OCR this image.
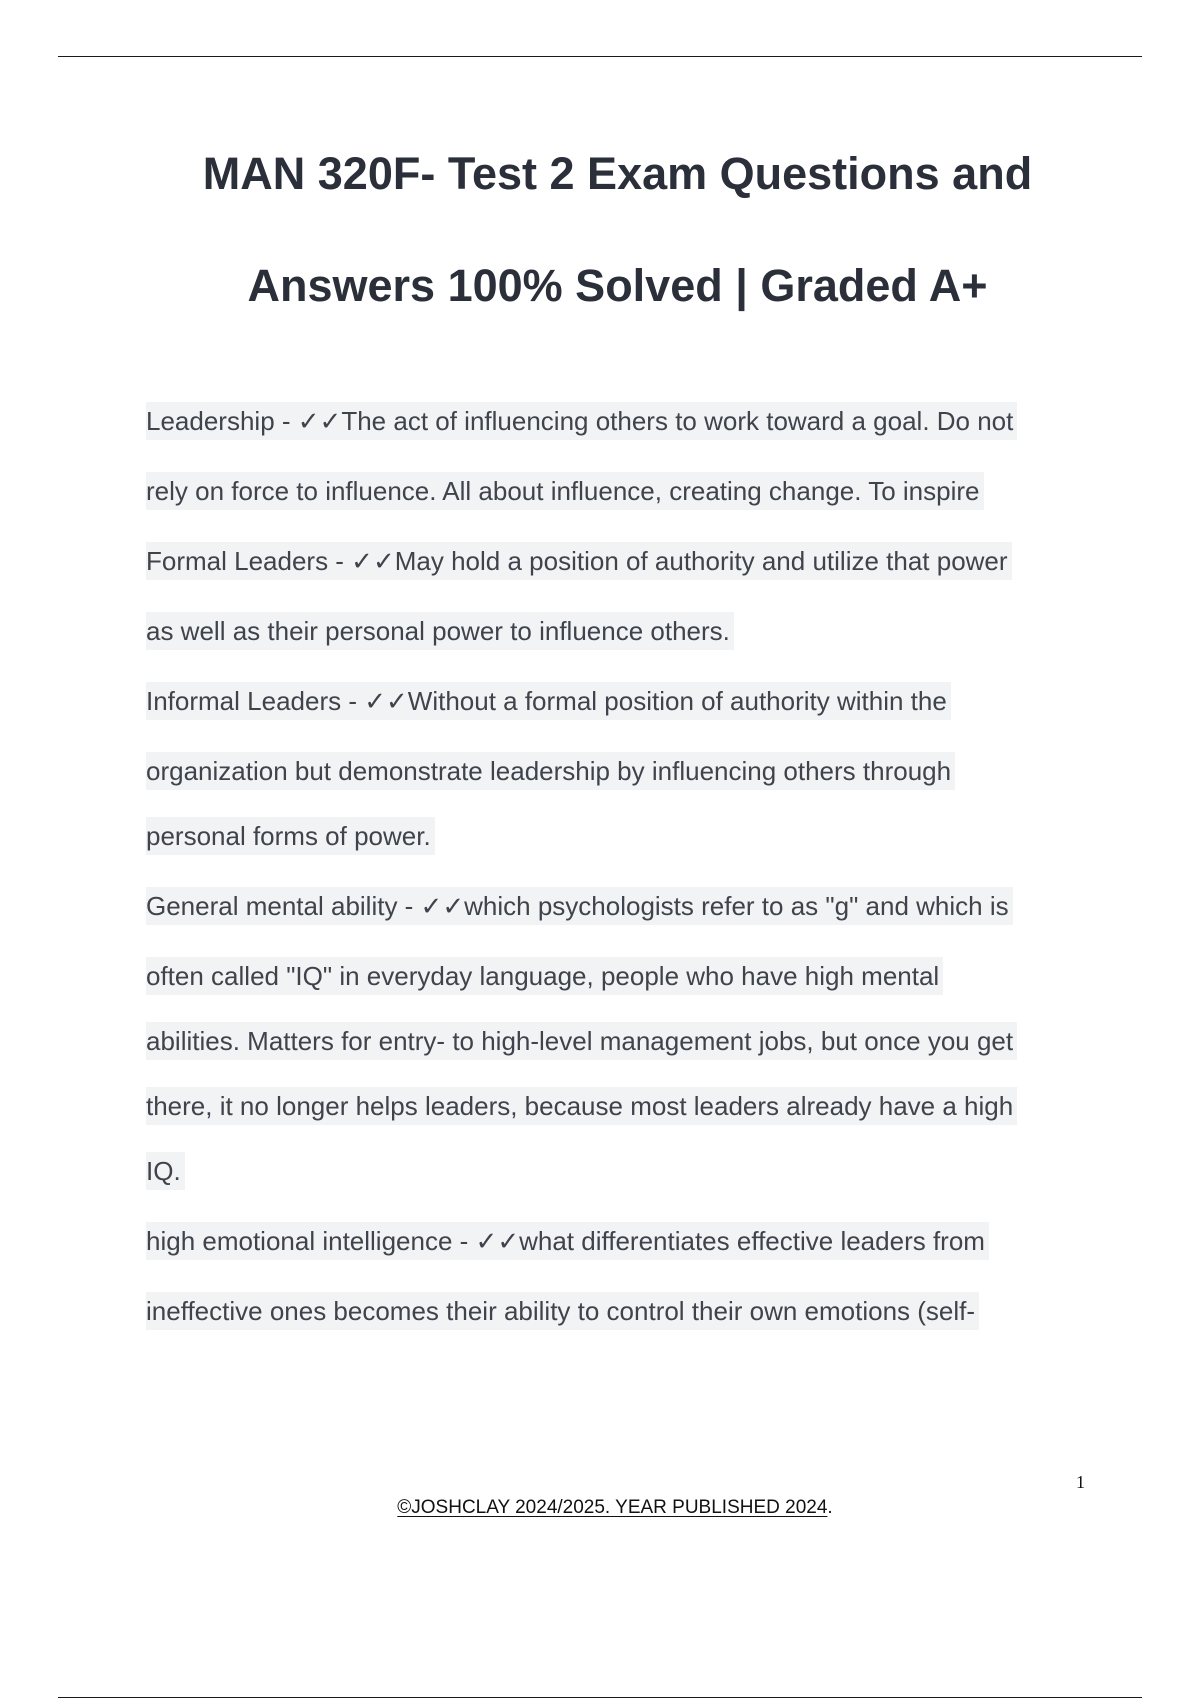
MAN 320F- Test 2 Exam Questions and
Answers 100% Solved | Graded A+
Leadership - ✓✓The act of influencing others to work toward a goal. Do not
rely on force to influence. All about influence, creating change. To inspire
Formal Leaders - ✓✓May hold a position of authority and utilize that power
as well as their personal power to influence others.
Informal Leaders - ✓✓Without a formal position of authority within the
organization but demonstrate leadership by influencing others through
personal forms of power.
General mental ability - ✓✓which psychologists refer to as "g" and which is
often called "IQ" in everyday language, people who have high mental
abilities. Matters for entry- to high-level management jobs, but once you get
there, it no longer helps leaders, because most leaders already have a high
IQ.
high emotional intelligence - ✓✓what differentiates effective leaders from
ineffective ones becomes their ability to control their own emotions (self-
1
©JOSHCLAY 2024/2025. YEAR PUBLISHED 2024.
